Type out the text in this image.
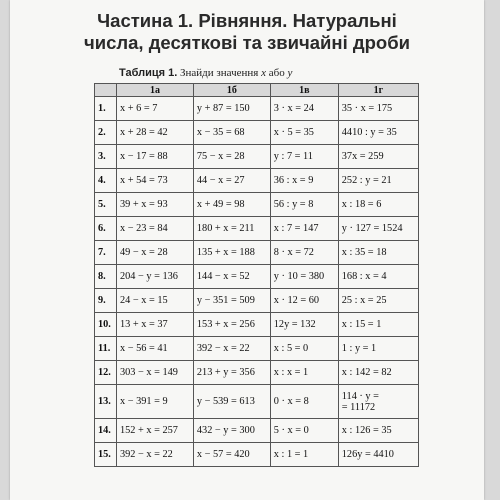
Частина 1. Рівняння. Натуральні
числа, десяткові та звичайні дроби
Таблиця 1. Знайди значення x або y
	1а	1б	1в	1г
1.	x + 6 = 7	y + 87 = 150	3 · x = 24	35 · x = 175
2.	x + 28 = 42	x − 35 = 68	x · 5 = 35	4410 : y = 35
3.	x − 17 = 88	75 − x = 28	y : 7 = 11	37x = 259
4.	x + 54 = 73	44 − x = 27	36 : x = 9	252 : y = 21
5.	39 + x = 93	x + 49 = 98	56 : y = 8	x : 18 = 6
6.	x − 23 = 84	180 + x = 211	x : 7 = 147	y · 127 = 1524
7.	49 − x = 28	135 + x = 188	8 · x = 72	x : 35 = 18
8.	204 − y = 136	144 − x = 52	y · 10 = 380	168 : x = 4
9.	24 − x = 15	y − 351 = 509	x · 12 = 60	25 : x = 25
10.	13 + x = 37	153 + x = 256	12y = 132	x : 15 = 1
11.	x − 56 = 41	392 − x = 22	x : 5 = 0	1 : y = 1
12.	303 − x = 149	213 + y = 356	x : x = 1	x : 142 = 82
13.	x − 391 = 9	y − 539 = 613	0 · x = 8	114 · y =
= 11172

14.	152 + x = 257	432 − y = 300	5 · x = 0	x : 126 = 35
15.	392 − x = 22	x − 57 = 420	x : 1 = 1	126y = 4410
